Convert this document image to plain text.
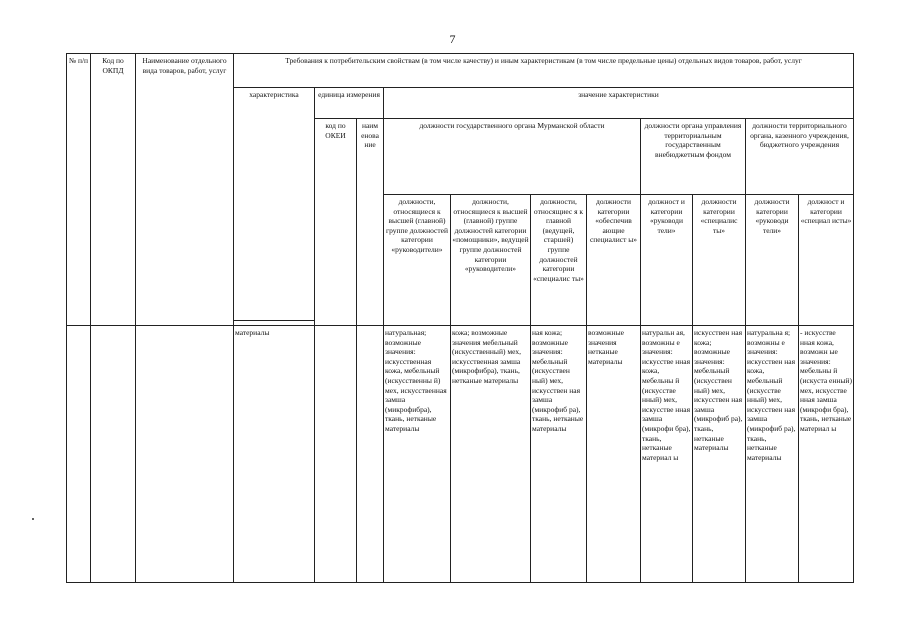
7
№ п/п	Код по ОКПД	Наименование отдельного вида товаров, работ, услуг	Требования к потребительским свойствам (в том числе качеству) и иным характеристикам (в том числе предельные цены) отдельных видов товаров, работ, услуг										
			характеристика	единица измерения		значение характеристики							
				код по ОКЕИ	наим енова ние	должности государственного органа Мурманской области				должности органа управления территориальным государственным внебюджетным фондом		должности территориального органа, казенного учреждения, бюджетного учреждения	
						должности, относящиеся к высшей (главной) группе должностей категории «руководители»	должности, относящиеся к высшей (главной) группе должностей категории «помощники», ведущей группе должностей категории «руководители»	должности, относящиес я к главной (ведущей, старшей) группе должностей категории «специалис ты»	должности категории «обеспечив ающие специалист ы»	должност и категории «руководи тели»	должности категории «специалис ты»	должности категории «руководи тели»	должност и категории «специал исты»

			материалы			натуральная; возможные значения: искусственная кожа, мебельный (искусственны й) мех, искусственная замша (микрофибра), ткань, нетканые материалы	кожа; возможные значения мебельный (искусственный) мех, искусственная замша (микрофибра), ткань, нетканые материалы	ная кожа; возможные значения: мебельный (искусствен ный) мех, искусствен ная замша (микрофиб ра), ткань, нетканые материалы	возможные значения нетканые материалы	натуральн ая, возможны е значения: искусстве нная кожа, мебельны й (искусстве нный) мех, искусстве нная замша (микрофи бра), ткань, нетканые материал ы	искусствен ная кожа; возможные значения: мебельный (искусствен ный) мех, искусствен ная замша (микрофиб ра), ткань, нетканые материалы	натуральна я; возможны е значения: искусствен ная кожа, мебельный (искусстве нный) мех, искусствен ная замша (микрофиб ра), ткань, нетканые материалы	- искусстве нная кожа, возможн ые значения: мебельны й (искуста енный) мех, искусстве нная замша (микрофи бра), ткань, нетканые материал ы
